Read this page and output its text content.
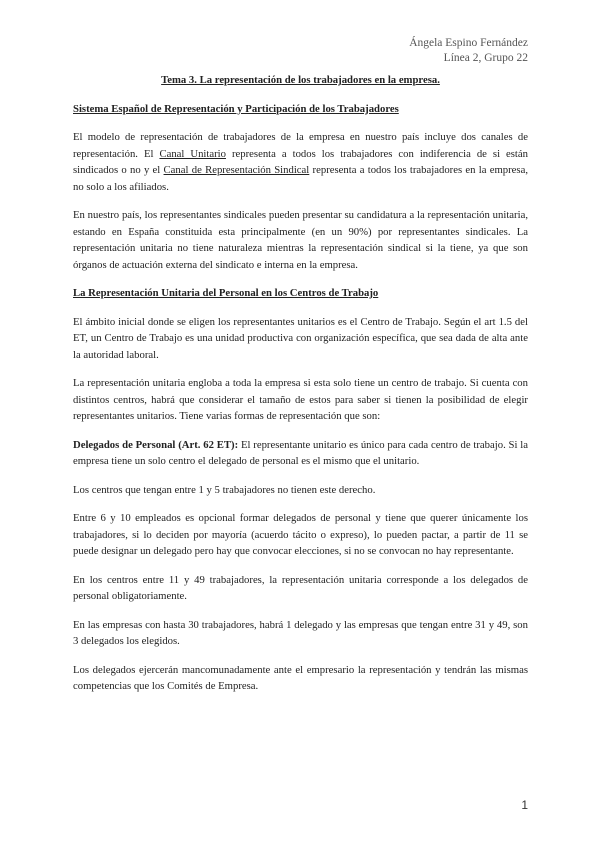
Ángela Espino Fernández
Línea 2, Grupo 22
Tema 3. La representación de los trabajadores en la empresa.
Sistema Español de Representación y Participación de los Trabajadores

El modelo de representación de trabajadores de la empresa en nuestro país incluye dos canales de representación. El Canal Unitario representa a todos los trabajadores con indiferencia de si están sindicados o no y el Canal de Representación Sindical representa a todos los trabajadores en la empresa, no solo a los afiliados.

En nuestro país, los representantes sindicales pueden presentar su candidatura a la representación unitaria, estando en España constituida esta principalmente (en un 90%) por representantes sindicales. La representación unitaria no tiene naturaleza mientras la representación sindical si la tiene, ya que son órganos de actuación externa del sindicato e interna en la empresa.

La Representación Unitaria del Personal en los Centros de Trabajo

El ámbito inicial donde se eligen los representantes unitarios es el Centro de Trabajo. Según el art 1.5 del ET, un Centro de Trabajo es una unidad productiva con organización específica, que sea dada de alta ante la autoridad laboral.

La representación unitaria engloba a toda la empresa si esta solo tiene un centro de trabajo. Si cuenta con distintos centros, habrá que considerar el tamaño de estos para saber si tienen la posibilidad de elegir representantes unitarios. Tiene varias formas de representación que son:

Delegados de Personal (Art. 62 ET): El representante unitario es único para cada centro de trabajo. Si la empresa tiene un solo centro el delegado de personal es el mismo que el unitario.

Los centros que tengan entre 1 y 5 trabajadores no tienen este derecho.

Entre 6 y 10 empleados es opcional formar delegados de personal y tiene que querer únicamente los trabajadores, si lo deciden por mayoría (acuerdo tácito o expreso), lo pueden pactar, a partir de 11 se puede designar un delegado pero hay que convocar elecciones, si no se convocan no hay representante.

En los centros entre 11 y 49 trabajadores, la representación unitaria corresponde a los delegados de personal obligatoriamente.

En las empresas con hasta 30 trabajadores, habrá 1 delegado y las empresas que tengan entre 31 y 49, son 3 delegados los elegidos.

Los delegados ejercerán mancomunadamente ante el empresario la representación y tendrán las mismas competencias que los Comités de Empresa.

1
